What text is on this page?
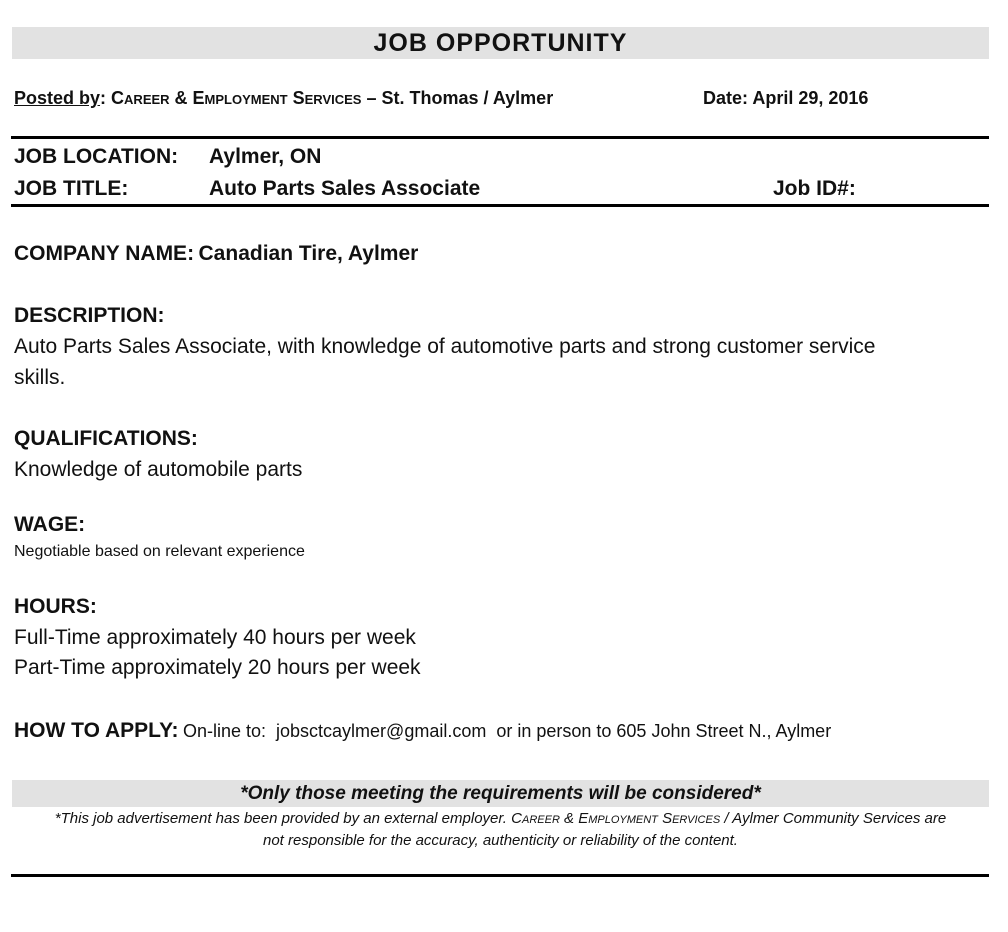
JOB OPPORTUNITY
Posted by: Career & Employment Services – St. Thomas / Aylmer	Date: April 29, 2016
JOB LOCATION: Aylmer, ON
JOB TITLE:	Auto Parts Sales Associate	Job ID#:
COMPANY NAME: Canadian Tire, Aylmer
DESCRIPTION:
Auto Parts Sales Associate, with knowledge of automotive parts and strong customer service
skills.
QUALIFICATIONS:
Knowledge of automobile parts
WAGE:
Negotiable based on relevant experience
HOURS:
Full-Time approximately 40 hours per week
Part-Time approximately 20 hours per week
HOW TO APPLY: On-line to:  jobsctcaylmer@gmail.com  or in person to 605 John Street N., Aylmer
*Only those meeting the requirements will be considered*
*This job advertisement has been provided by an external employer. Career & Employment Services / Aylmer Community Services are
not responsible for the accuracy, authenticity or reliability of the content.
